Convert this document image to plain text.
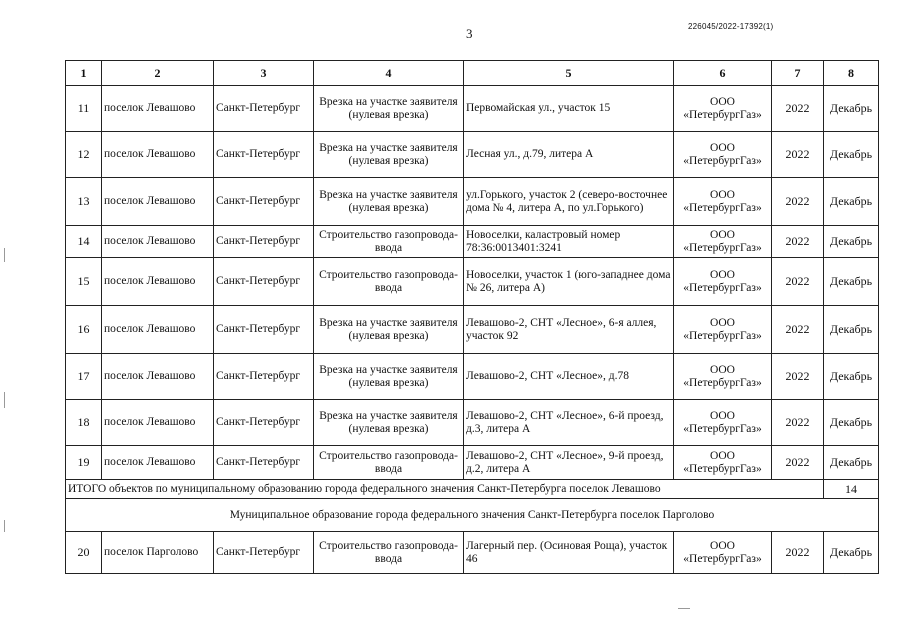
3	226045/2022-17392(1)
1	2	3	4	5	6	7	8
11	поселок Левашово	Санкт-Петербург	Врезка на участке заявителя (нулевая врезка)	Первомайская ул., участок 15	ООО «ПетербургГаз»	2022	Декабрь
12	поселок Левашово	Санкт-Петербург	Врезка на участке заявителя (нулевая врезка)	Лесная ул., д.79, литера А	ООО «ПетербургГаз»	2022	Декабрь
13	поселок Левашово	Санкт-Петербург	Врезка на участке заявителя (нулевая врезка)	ул.Горького, участок 2 (северо-восточнее дома № 4, литера А, по ул.Горького)	ООО «ПетербургГаз»	2022	Декабрь
14	поселок Левашово	Санкт-Петербург	Строительство газопровода-ввода	Новоселки, каластровый номер 78:36:0013401:3241	ООО «ПетербургГаз»	2022	Декабрь
15	поселок Левашово	Санкт-Петербург	Строительство газопровода-ввода	Новоселки, участок 1 (юго-западнее дома № 26, литера А)	ООО «ПетербургГаз»	2022	Декабрь
16	поселок Левашово	Санкт-Петербург	Врезка на участке заявителя (нулевая врезка)	Левашово-2, СНТ «Лесное», 6-я аллея, участок 92	ООО «ПетербургГаз»	2022	Декабрь
17	поселок Левашово	Санкт-Петербург	Врезка на участке заявителя (нулевая врезка)	Левашово-2, СНТ «Лесное», д.78	ООО «ПетербургГаз»	2022	Декабрь
18	поселок Левашово	Санкт-Петербург	Врезка на участке заявителя (нулевая врезка)	Левашово-2, СНТ «Лесное», 6-й проезд, д.3, литера А	ООО «ПетербургГаз»	2022	Декабрь
19	поселок Левашово	Санкт-Петербург	Строительство газопровода-ввода	Левашово-2, СНТ «Лесное», 9-й проезд, д.2, литера А	ООО «ПетербургГаз»	2022	Декабрь
ИТОГО объектов по муниципальному образованию города федерального значения Санкт-Петербурга поселок Левашово							14
Муниципальное образование города федерального значения Санкт-Петербурга поселок Парголово							
20	поселок Парголово	Санкт-Петербург	Строительство газопровода-ввода	Лагерный пер. (Осиновая Роща), участок 46	ООО «ПетербургГаз»	2022	Декабрь
